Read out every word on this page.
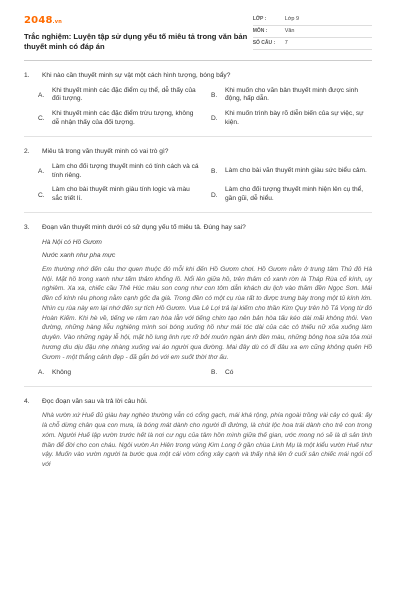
2048.vn
Trắc nghiệm: Luyện tập sử dụng yếu tố miêu tả trong văn bản thuyết minh có đáp án
LỚP :	Lớp 9
MÔN :	Văn
SỐ CÂU :	7
1.	Khi nào cần thuyết minh sự vật một cách hình tượng, bóng bẩy?
A.
Khi thuyết minh các đặc điểm cụ thể, dễ thấy của đối tượng.
B.
Khi muốn cho văn bản thuyết minh được sinh động, hấp dẫn.
C.
Khi thuyết minh các đặc điểm trừu tượng, không dễ nhận thấy của đối tượng.
D.
Khi muốn trình bày rõ diễn biến của sự việc, sự kiện.
2.	Miêu tả trong văn thuyết minh có vai trò gì?
A.
Làm cho đối tượng thuyết minh có tính cách và cá tính riêng.
B.	Làm cho bài văn thuyết minh giàu sức biểu cảm.
C.
Làm cho bài thuyết minh giàu tính logic và màu sắc triết lí.
D.
Làm cho đối tượng thuyết minh hiện lên cụ thể, gần gũi, dễ hiểu.
3.	Đoạn văn thuyết minh dưới có sử dụng yếu tố miêu tả. Đúng hay sai?
Hà Nội có Hồ Gươm
Nước xanh như pha mực
Em thường nhớ đến câu thơ quen thuộc đó mỗi khi đến Hồ Gươm chơi. Hồ Gươm nằm ở trung tâm Thủ đô Hà Nội. Mặt hồ trong xanh như tấm thảm khổng lồ. Nổi lên giữa hồ, trên thảm cỏ xanh rờn là Tháp Rùa cổ kính, uy nghiêm. Xa xa, chiếc cầu Thê Húc màu son cong như con tôm dẫn khách du lịch vào thăm đền Ngọc Sơn. Mái đền cổ kính rêu phong nằm cạnh gốc đa già. Trong đền có một cụ rùa rất to được trưng bày trong một tủ kính lớn. Nhìn cụ rùa này em lại nhớ đến sự tích Hồ Gươm. Vua Lê Lợi trả lại kiếm cho thần Kim Quy trên hồ Tả Vọng từ đó Hoàn Kiếm. Khi hè về, tiếng ve râm ran hòa lẫn với tiếng chim tạo nên bản hòa tấu kéo dài mãi không thôi. Ven đường, những hàng liễu nghiêng mình soi bóng xuống hồ như mái tóc dài của các cô thiếu nữ xõa xuống làm duyên. Vào những ngày lễ hội, mặt hồ lung linh rực rỡ bởi muôn ngàn ánh đèn màu, những bông hoa sữa tỏa mùi hương dìu dịu đậu nhẹ nhàng xuống vai áo người qua đường. Mai đây dù có đi đâu xa em cũng không quên Hồ Gươm - một thắng cảnh đẹp - đã gắn bó với em suốt thời thơ ấu.
A.	Không	B.	Có
4.	Đọc đoạn văn sau và trả lời câu hỏi.
Nhà vườn xứ Huế đủ giàu hay nghèo thường vẫn có cổng gạch, mái khá rộng, phía ngoài trồng vài cây có quả: ấy là chỗ dừng chân qua con mưa, là bóng mát dành cho người đi đường, là chút lộc hoa trái dành cho trẻ con trong xóm. Người Huế lập vườn trước hết là nơi cư ngụ của tâm hồn mình giữa thế gian, ước mong nó sẽ là di sản tinh thần để đời cho con cháu. Ngôi vườn An Hiên trong vùng Kim Long ở gần chùa Linh Mụ là một kiểu vườn Huế như vậy. Muốn vào vườn người ta bước qua một cái vòm cổng xây cạnh và thấy nhà lên ở cuối sân chiếc mái ngói cổ với
